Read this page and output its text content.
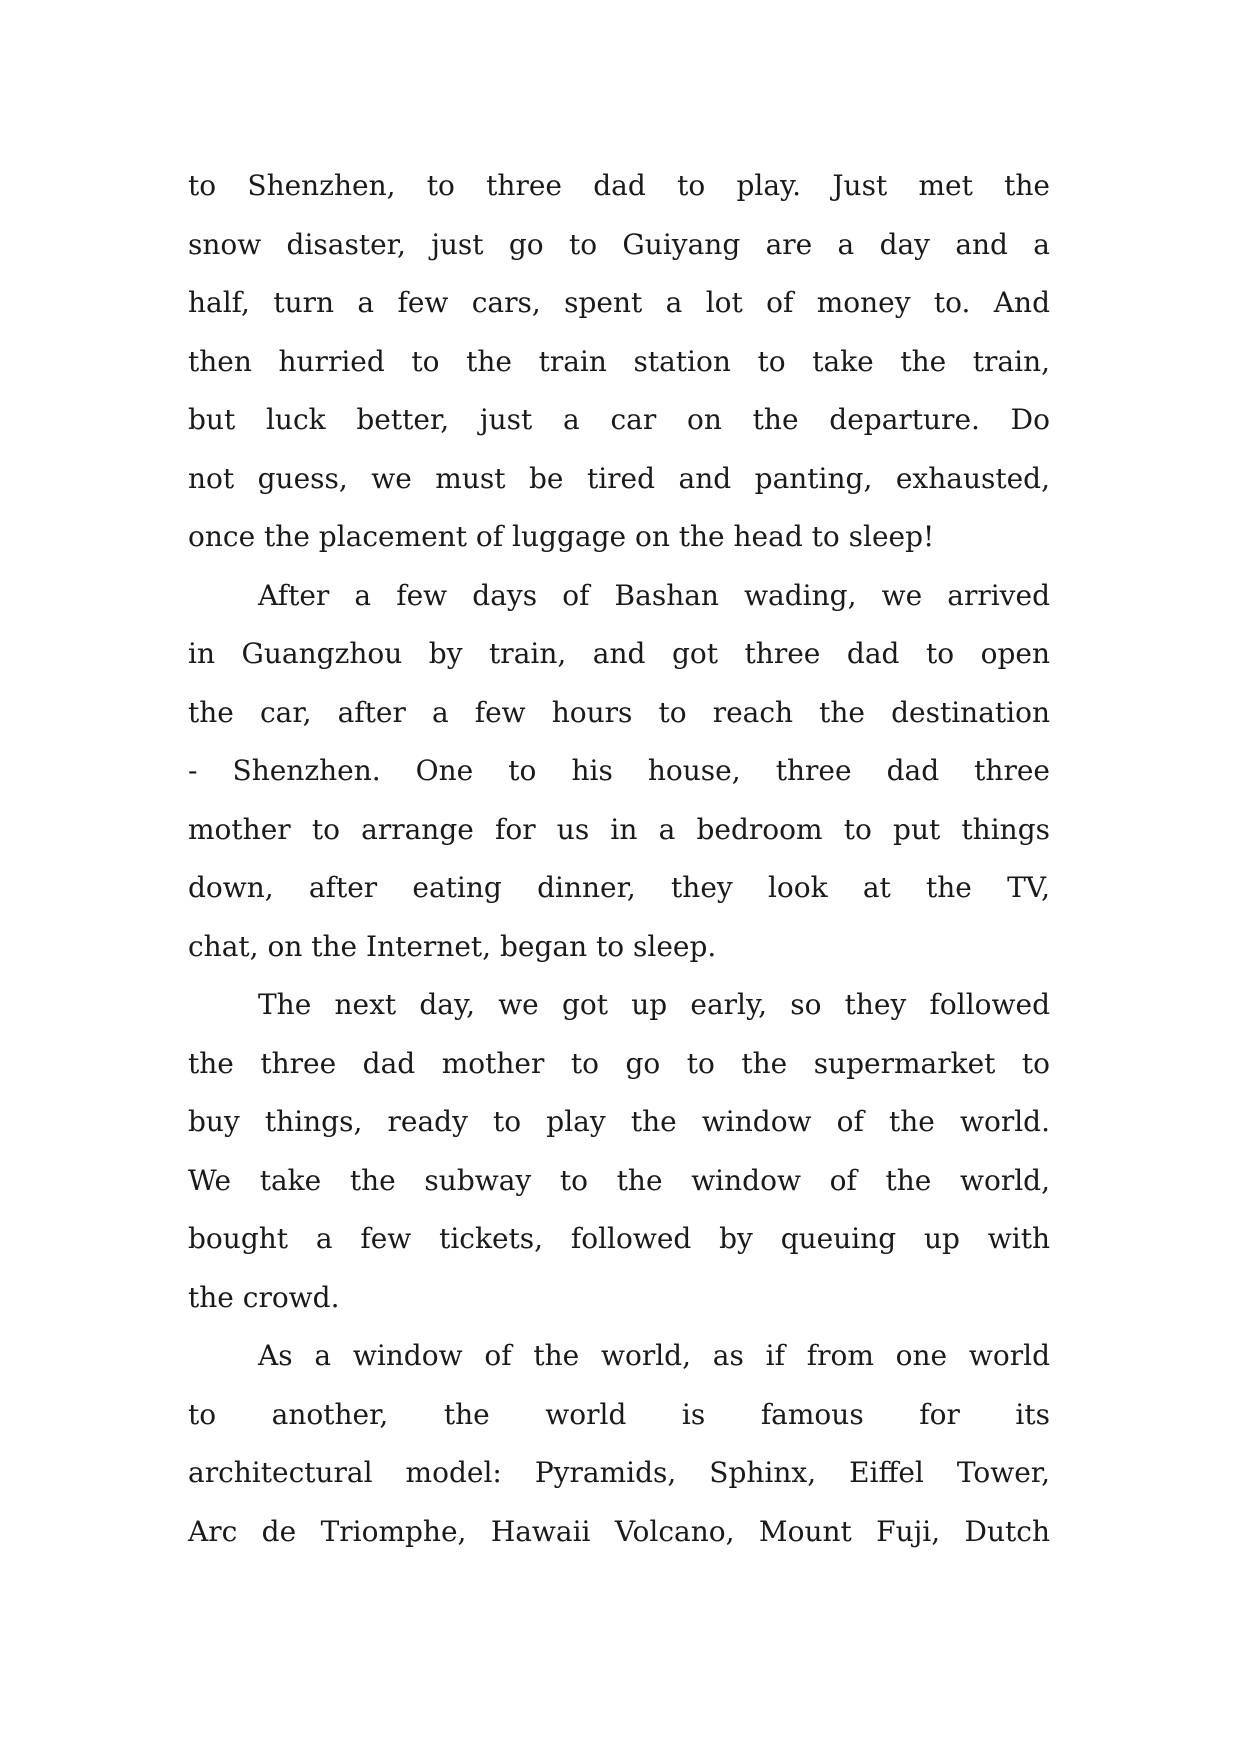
to Shenzhen, to three dad to play. Just met the
snow disaster, just go to Guiyang are a day and a
half, turn a few cars, spent a lot of money to. And
then hurried to the train station to take the train,
but luck better, just a car on the departure. Do
not guess, we must be tired and panting, exhausted,
once the placement of luggage on the head to sleep!
After a few days of Bashan wading, we arrived
in Guangzhou by train, and got three dad to open
the car, after a few hours to reach the destination
- Shenzhen. One to his house, three dad three
mother to arrange for us in a bedroom to put things
down, after eating dinner, they look at the TV,
chat, on the Internet, began to sleep.
The next day, we got up early, so they followed
the three dad mother to go to the supermarket to
buy things, ready to play the window of the world.
We take the subway to the window of the world,
bought a few tickets, followed by queuing up with
the crowd.
As a window of the world, as if from one world
to another, the world is famous for its
architectural model: Pyramids, Sphinx, Eiffel Tower,
Arc de Triomphe, Hawaii Volcano, Mount Fuji, Dutch
